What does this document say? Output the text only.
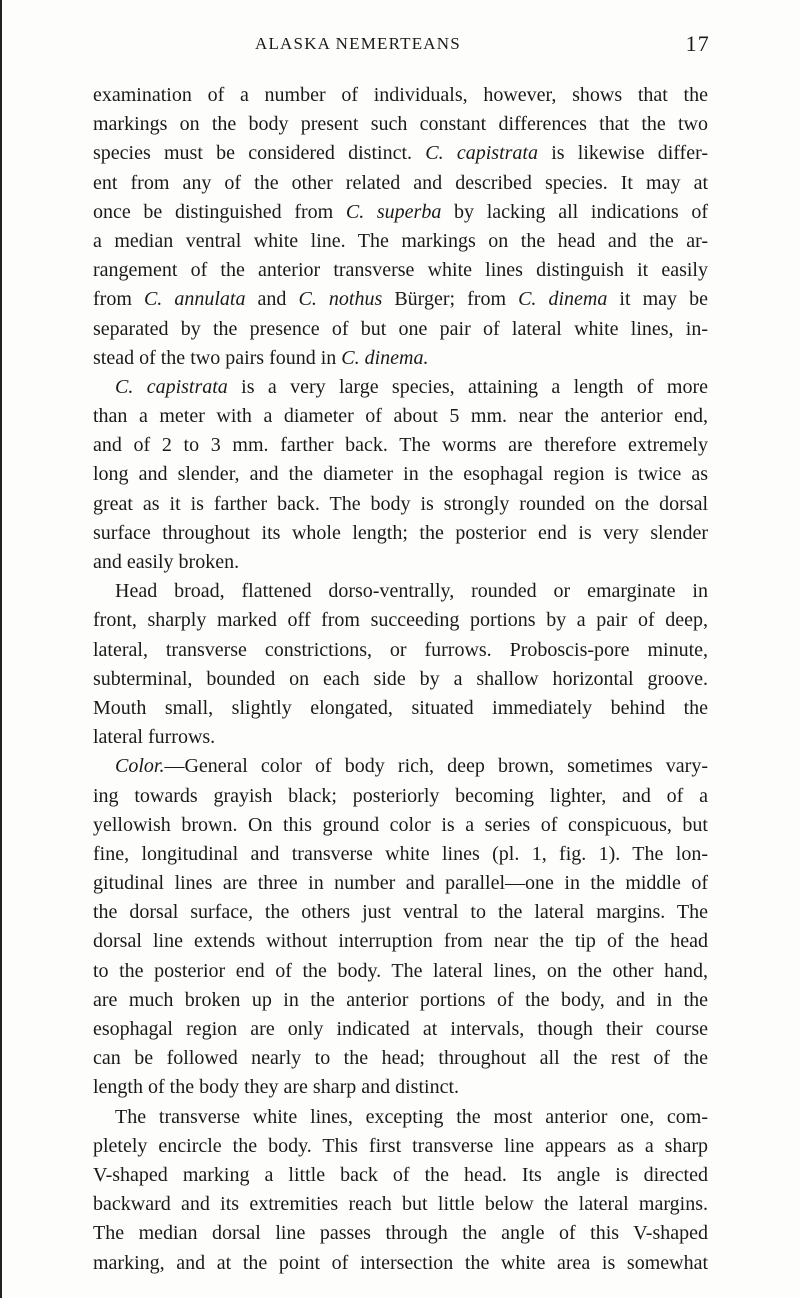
ALASKA NEMERTEANS	17
examination of a number of individuals, however, shows that the
markings on the body present such constant differences that the two
species must be considered distinct. C. capistrata is likewise differ-
ent from any of the other related and described species. It may at
once be distinguished from C. superba by lacking all indications of
a median ventral white line. The markings on the head and the ar-
rangement of the anterior transverse white lines distinguish it easily
from C. annulata and C. nothus Bürger; from C. dinema it may be
separated by the presence of but one pair of lateral white lines, in-
stead of the two pairs found in C. dinema.
C. capistrata is a very large species, attaining a length of more
than a meter with a diameter of about 5 mm. near the anterior end,
and of 2 to 3 mm. farther back. The worms are therefore extremely
long and slender, and the diameter in the esophagal region is twice as
great as it is farther back. The body is strongly rounded on the dorsal
surface throughout its whole length; the posterior end is very slender
and easily broken.
Head broad, flattened dorso-ventrally, rounded or emarginate in
front, sharply marked off from succeeding portions by a pair of deep,
lateral, transverse constrictions, or furrows. Proboscis-pore minute,
subterminal, bounded on each side by a shallow horizontal groove.
Mouth small, slightly elongated, situated immediately behind the
lateral furrows.
Color.—General color of body rich, deep brown, sometimes vary-
ing towards grayish black; posteriorly becoming lighter, and of a
yellowish brown. On this ground color is a series of conspicuous, but
fine, longitudinal and transverse white lines (pl. 1, fig. 1). The lon-
gitudinal lines are three in number and parallel—one in the middle of
the dorsal surface, the others just ventral to the lateral margins. The
dorsal line extends without interruption from near the tip of the head
to the posterior end of the body. The lateral lines, on the other hand,
are much broken up in the anterior portions of the body, and in the
esophagal region are only indicated at intervals, though their course
can be followed nearly to the head; throughout all the rest of the
length of the body they are sharp and distinct.
The transverse white lines, excepting the most anterior one, com-
pletely encircle the body. This first transverse line appears as a sharp
V-shaped marking a little back of the head. Its angle is directed
backward and its extremities reach but little below the lateral margins.
The median dorsal line passes through the angle of this V-shaped
marking, and at the point of intersection the white area is somewhat
